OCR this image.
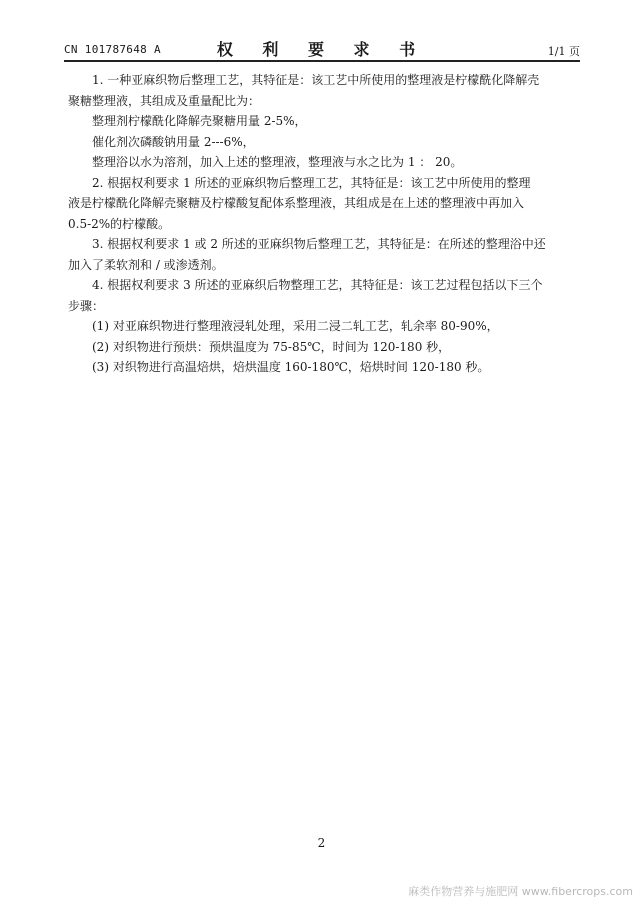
CN 101787648 A	权 利 要 求 书	1/1 页
1. 一种亚麻织物后整理工艺，其特征是：该工艺中所使用的整理液是柠檬酰化降解壳
聚糖整理液，其组成及重量配比为：
整理剂柠檬酰化降解壳聚糖用量 2-5%，
催化剂次磷酸钠用量 2---6%，
整理浴以水为溶剂，加入上述的整理液，整理液与水之比为 1 ： 20。
2. 根据权利要求 1 所述的亚麻织物后整理工艺，其特征是：该工艺中所使用的整理
液是柠檬酰化降解壳聚糖及柠檬酸复配体系整理液，其组成是在上述的整理液中再加入
0.5-2%的柠檬酸。
3. 根据权利要求 1 或 2 所述的亚麻织物后整理工艺，其特征是：在所述的整理浴中还
加入了柔软剂和 / 或渗透剂。
4. 根据权利要求 3 所述的亚麻织后物整理工艺，其特征是：该工艺过程包括以下三个
步骤：
(1) 对亚麻织物进行整理液浸轧处理，采用二浸二轧工艺，轧余率 80-90%，
(2) 对织物进行预烘：预烘温度为 75-85℃，时间为 120-180 秒，
(3) 对织物进行高温焙烘，焙烘温度 160-180℃，焙烘时间 120-180 秒。
2
麻类作物营养与施肥网 www.fibercrops.com
